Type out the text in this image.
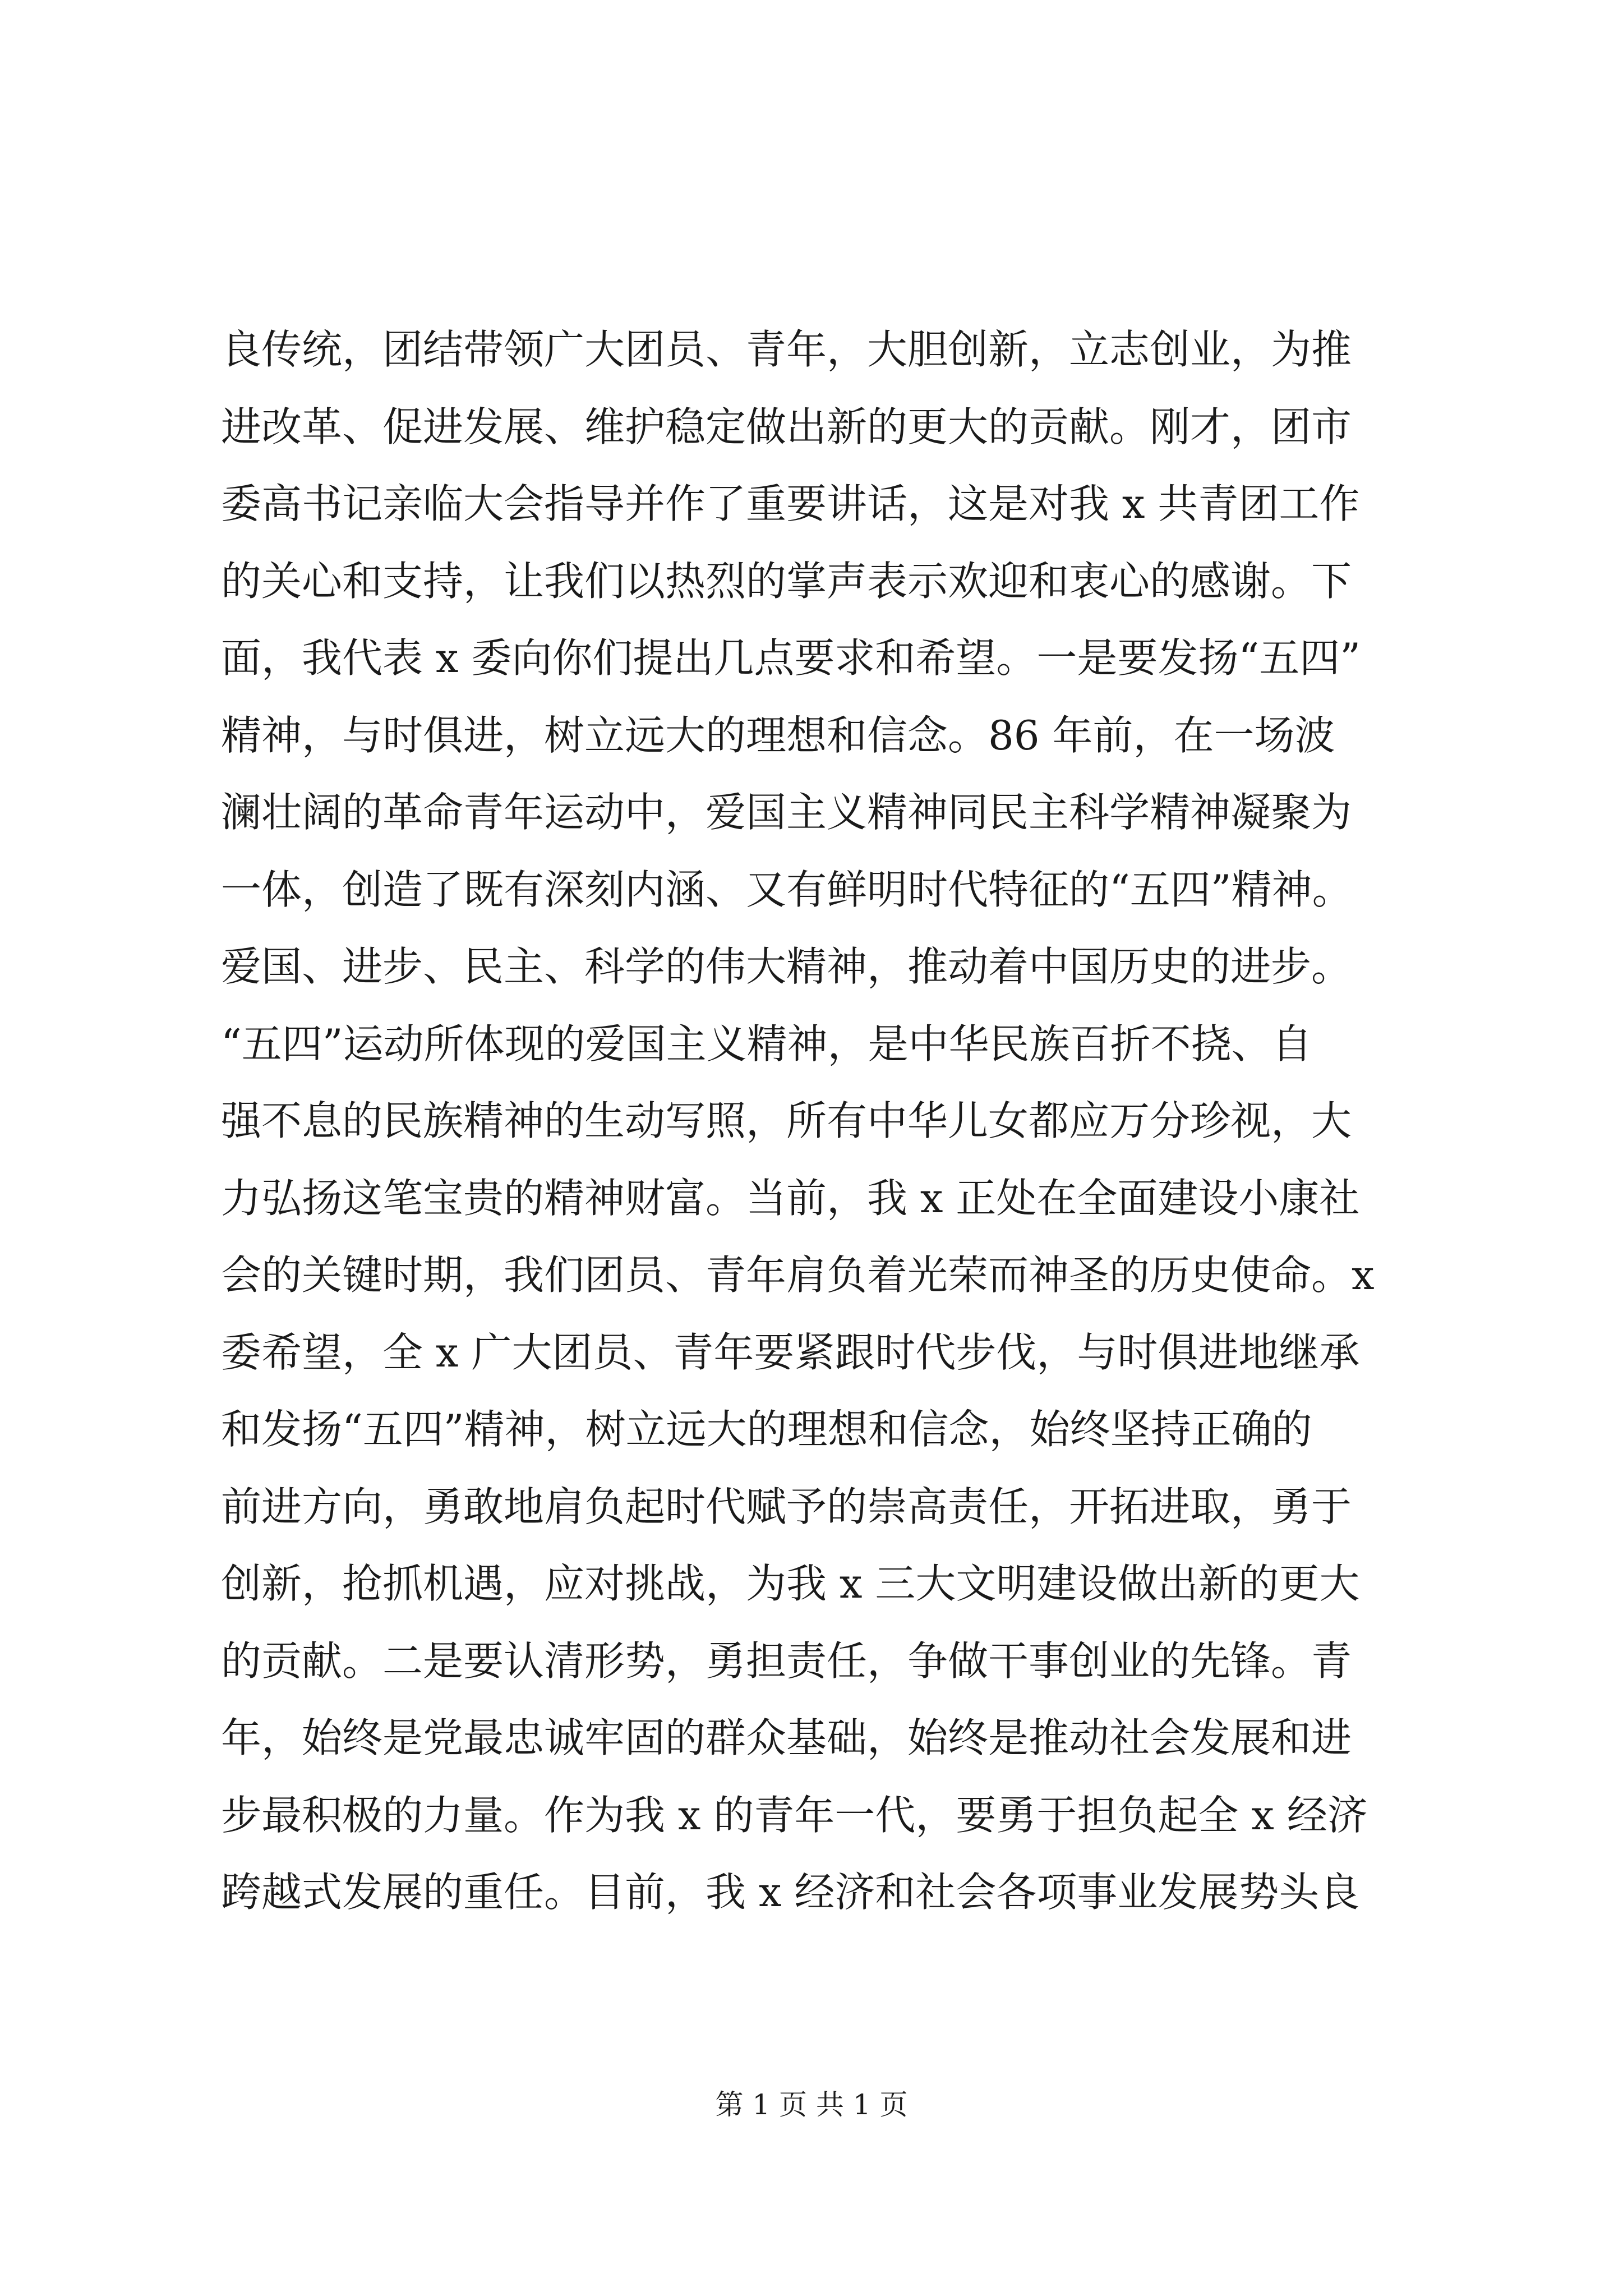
良传统，团结带领广大团员、青年，大胆创新，立志创业，为推
进改革、促进发展、维护稳定做出新的更大的贡献。刚才，团市
委高书记亲临大会指导并作了重要讲话，这是对我 x 共青团工作
的关心和支持，让我们以热烈的掌声表示欢迎和衷心的感谢。下
面，我代表 x 委向你们提出几点要求和希望。一是要发扬“五四”
精神，与时俱进，树立远大的理想和信念。86 年前，在一场波
澜壮阔的革命青年运动中，爱国主义精神同民主科学精神凝聚为
一体，创造了既有深刻内涵、又有鲜明时代特征的“五四”精神。
爱国、进步、民主、科学的伟大精神，推动着中国历史的进步。
“五四”运动所体现的爱国主义精神，是中华民族百折不挠、自
强不息的民族精神的生动写照，所有中华儿女都应万分珍视，大
力弘扬这笔宝贵的精神财富。当前，我 x 正处在全面建设小康社
会的关键时期，我们团员、青年肩负着光荣而神圣的历史使命。x
委希望，全 x 广大团员、青年要紧跟时代步伐，与时俱进地继承
和发扬“五四”精神，树立远大的理想和信念，始终坚持正确的
前进方向，勇敢地肩负起时代赋予的崇高责任，开拓进取，勇于
创新，抢抓机遇，应对挑战，为我 x 三大文明建设做出新的更大
的贡献。二是要认清形势，勇担责任，争做干事创业的先锋。青
年，始终是党最忠诚牢固的群众基础，始终是推动社会发展和进
步最积极的力量。作为我 x 的青年一代，要勇于担负起全 x 经济
跨越式发展的重任。目前，我 x 经济和社会各项事业发展势头良
第 1 页 共 1 页
